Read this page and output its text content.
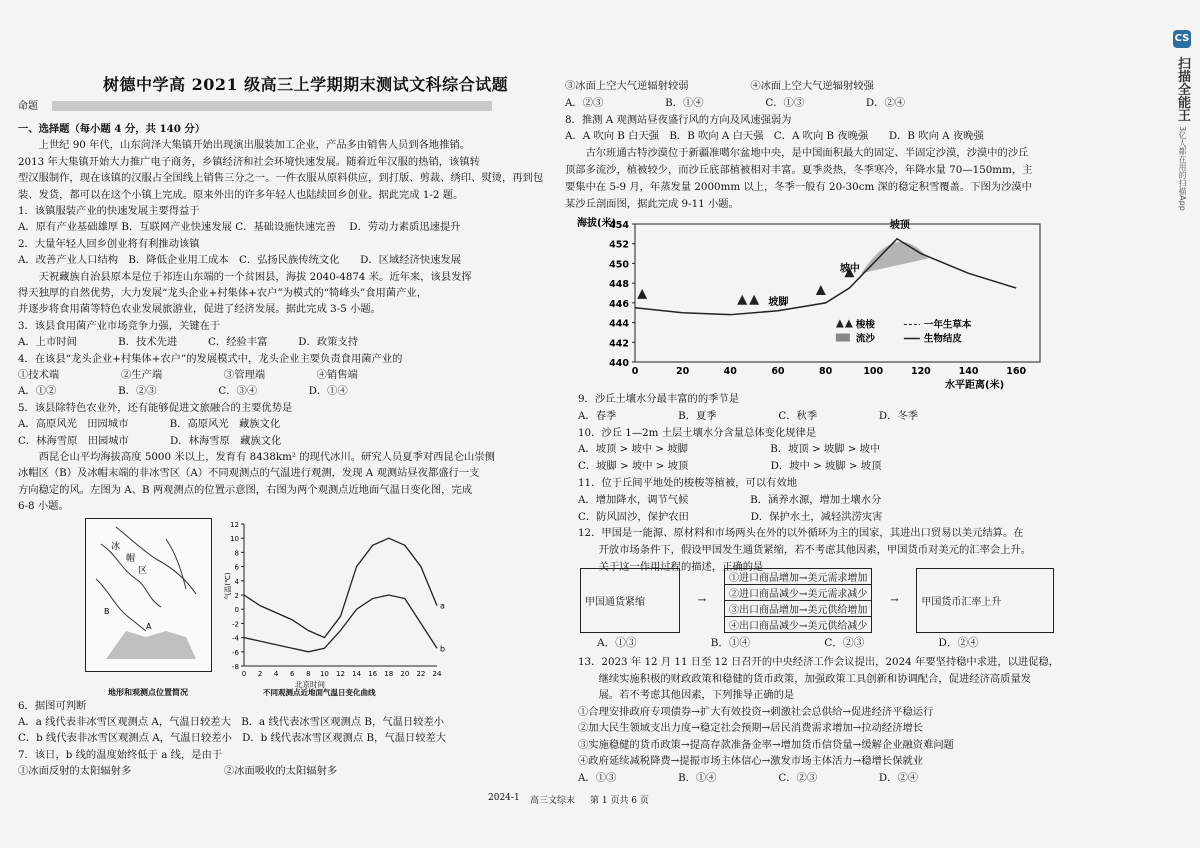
CS 扫描全能王 3亿人都在用的扫描App
树德中学高 2021 级高三上学期期末测试文科综合试题
命题
一、选择题（每小题 4 分，共 140 分）
　　上世纪 90 年代，山东菏泽大集镇开始出现演出服装加工企业，产品多由销售人员到各地推销。
2013 年大集镇开始大力推广电子商务，乡镇经济和社会环境快速发展。随着近年汉服的热销，该镇转
型汉服制作，现在该镇的汉服占全国线上销售三分之一。一件衣服从原料供应，到打版、剪裁、绣印、熨烫，再到包
装、发货，都可以在这个小镇上完成。原来外出的许多年轻人也陆续回乡创业。据此完成 1-2 题。
1．该镇服装产业的快速发展主要得益于
A．原有产业基础雄厚 B．互联网产业快速发展 C．基础设施快速完善　 D．劳动力素质迅速提升
2．大量年轻人回乡创业将有利推动该镇
A．改善产业人口结构　B．降低企业用工成本　C．弘扬民族传统文化　　D．区域经济快速发展
　　天祝藏族自治县原本是位于祁连山东端的一个贫困县，海拔 2040-4874 米。近年来，该县发挥
得天独厚的自然优势，大力发展“龙头企业+村集体+农户”为模式的“犄峰头”食用菌产业，
并逐步将食用菌等特色农业发展旅游业，促进了经济发展。据此完成 3-5 小题。
3．该县食用菌产业市场竞争力强，关键在于
A．上市时间　　　　B．技术先进　　　C．经验丰富　　　D．政策支持
4．在该县“龙头企业+村集体+农户”的发展模式中，龙头企业主要负责食用菌产业的
①技术端　　　　　　②生产端　　　　　　③管理端　　　　　④销售端
A．①②　　　　　　B．②③　　　　　　C．③④　　　　　D．①④
5．该县除特色农业外，还有能够促进文旅融合的主要优势是
A．高原风光　田园城市　　　　B．高原风光　藏族文化
C．林海雪原　田园城市　　　　D．林海雪原　藏族文化
　　西昆仑山平均海拔高度 5000 米以上，发育有 8438km² 的现代冰川。研究人员夏季对西昆仑山崇侧
冰帽区（B）及冰帽末端的非冰雪区（A）不同观测点的气温进行观测，发现 A 观测站昼夜都盛行一支
方向稳定的风。左图为 A、B 两观测点的位置示意图，右图为两个观测点近地面气温日变化图，完成
6-8 小题。
冰
帽
区
B
A
地形和观测点位置简况
-8
-6
-4
-2
0
2
4
6
8
10
12
0 2 4 6 8 10 12 14 16 18 20 22 24
气温(℃)
a
b
北京时间
不同观测点近地面气温日变化曲线
6．据图可判断
A．a 线代表非冰雪区观测点 A，气温日较差大　B．a 线代表冰雪区观测点 B，气温日较差小
C．b 线代表非冰雪区观测点 A，气温日较差小　D．b 线代表冰雪区观测点 B，气温日较差大
7．该日，b 线的温度始终低于 a 线，是由于
①冰面反射的太阳辐射多　　　　　　　　　②冰面吸收的太阳辐射多
③冰面上空大气逆辐射较弱　　　　　　④冰面上空大气逆辐射较强
A．②③　　　　　　B．①④　　　　　　C．①③　　　　　　D．②④
8．推测 A 观测站昼夜盛行风的方向及风速强弱为
A．A 吹向 B 白天强　B．B 吹向 A 白天强　C．A 吹向 B 夜晚强　　D．B 吹向 A 夜晚强
　　古尔班通古特沙漠位于新疆准噶尔盆地中央，是中国面积最大的固定、半固定沙漠，沙漠中的沙丘
顶部多流沙，植被较少，而沙丘底部植被相对丰富。夏季炎热，冬季寒冷，年降水量 70—150mm，主
要集中在 5-9 月，年蒸发量 2000mm 以上，冬季一般有 20-30cm 深的稳定积雪覆盖。下图为沙漠中
某沙丘剖面图，据此完成 9-11 小题。
海拔(米)
440
442
444
446
448
450
452
454
0	20	40	60	80	100	120	140	160
水平距离(米)
坡顶
坡中
坡脚
梭梭	一年生草本
流沙	生物结皮
9．沙丘土壤水分最丰富的的季节是
A．春季　　　　　　B．夏季　　　　　　C．秋季　　　　　　D．冬季
10．沙丘 1—2m 土层土壤水分含量总体变化规律是
A．坡顶 > 坡中 > 坡脚　　　　　　　　B．坡顶 > 坡脚 > 坡中
C．坡脚 > 坡中 > 坡顶　　　　　　　　D．坡中 > 坡脚 > 坡顶
11．位于丘间平地处的梭梭等植被，可以有效地
A．增加降水，调节气候　　　　　　B．涵养水源，增加土壤水分
C．防风固沙，保护农田　　　　　　D．保护水土，减轻洪涝灾害
12．甲国是一能源、原材料和市场两头在外的以外循环为主的国家，其进出口贸易以美元结算。在
　　开放市场条件下，假设甲国发生通货紧缩，若不考虑其他因素，甲国货币对美元的汇率会上升。
　　关于这一作用过程的描述，正确的是
甲国通货紧缩	→	①进口商品增加→美元需求增加	→	甲国货币汇率上升
②进口商品减少→美元需求减少
③出口商品增加→美元供给增加
④出口商品减少→美元供给减少
A．①③　　　　　　　B．①④　　　　　　　C．②③　　　　　　　D．②④
13．2023 年 12 月 11 日至 12 日召开的中央经济工作会议提出，2024 年要坚持稳中求进，以进促稳，
　　继续实施积极的财政政策和稳健的货币政策，加强政策工具创新和协调配合，促进经济高质量发
　　展。若不考虑其他因素，下列推导正确的是
①合理安排政府专项债券→扩大有效投资→刺激社会总供给→促进经济平稳运行
②加大民生领域支出力度→稳定社会预期→居民消费需求增加→拉动经济增长
③实施稳健的货币政策→提高存款准备金率→增加货币信贷量→缓解企业融资难问题
④政府延续减税降费→提振市场主体信心→激发市场主体活力→稳增长保就业
A．①③　　　　　　B．①④　　　　　　C．②③　　　　　　D．②④
2024-1 高三文综末 第 1 页共 6 页
